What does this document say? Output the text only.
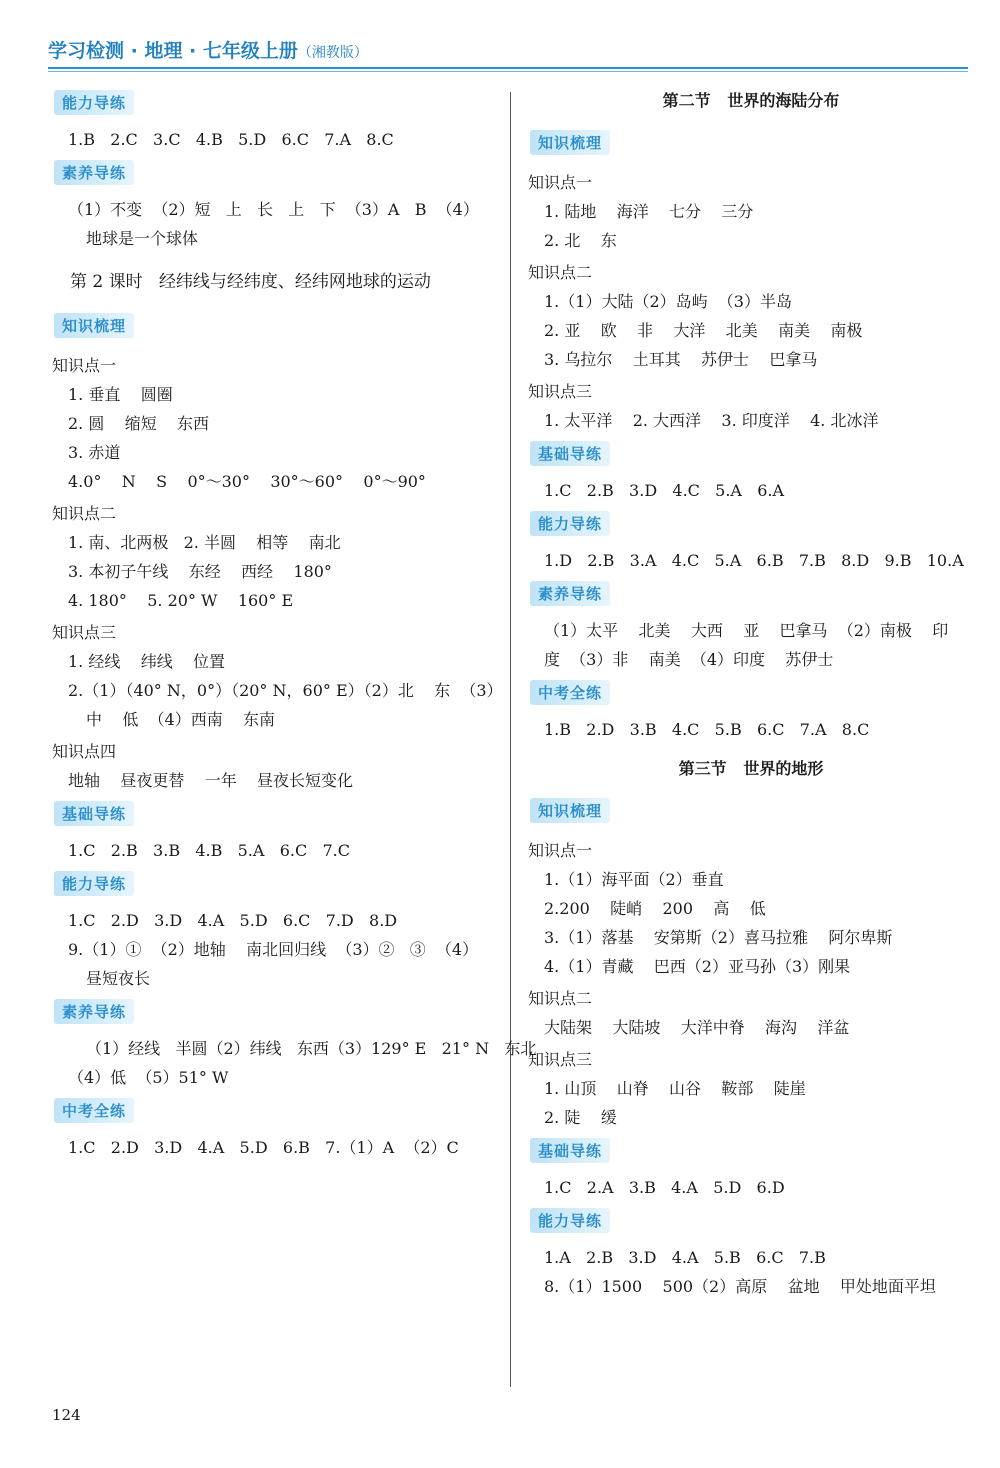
学习检测 · 地理 · 七年级上册（湘教版）
能力导练
1.B   2.C   3.C   4.B   5.D   6.C   7.A   8.C
素养导练
（1）不变  （2）短   上   长   上   下  （3）A   B  （4）
地球是一个球体
第 2 课时   经纬线与经纬度、经纬网地球的运动
知识梳理
知识点一
1. 垂直    圆圈
2. 圆    缩短    东西
3. 赤道
4.0°    N    S    0°～30°    30°～60°    0°～90°
知识点二
1. 南、北两极   2. 半圆    相等    南北
3. 本初子午线    东经    西经    180°
4. 180°    5. 20° W    160° E
知识点三
1. 经线    纬线    位置
2.（1）（40° N，0°）（20° N，60° E）（2）北    东  （3）
中    低  （4）西南    东南
知识点四
地轴    昼夜更替    一年    昼夜长短变化
基础导练
1.C   2.B   3.B   4.B   5.A   6.C   7.C
能力导练
1.C   2.D   3.D   4.A   5.D   6.C   7.D   8.D
9.（1）①  （2）地轴    南北回归线  （3）②   ③  （4）
昼短夜长
素养导练
（1）经线   半圆（2）纬线   东西（3）129° E   21° N   东北
（4）低  （5）51° W
中考全练
1.C   2.D   3.D   4.A   5.D   6.B   7.（1）A  （2）C
第二节   世界的海陆分布
知识梳理
知识点一
1. 陆地    海洋    七分    三分
2. 北    东
知识点二
1.（1）大陆（2）岛屿  （3）半岛
2. 亚    欧    非    大洋    北美    南美    南极
3. 乌拉尔    土耳其    苏伊士    巴拿马
知识点三
1. 太平洋    2. 大西洋    3. 印度洋    4. 北冰洋
基础导练
1.C   2.B   3.D   4.C   5.A   6.A
能力导练
1.D   2.B   3.A   4.C   5.A   6.B   7.B   8.D   9.B   10.A
素养导练
（1）太平    北美    大西    亚    巴拿马  （2）南极    印
度  （3）非    南美  （4）印度    苏伊士
中考全练
1.B   2.D   3.B   4.C   5.B   6.C   7.A   8.C
第三节   世界的地形
知识梳理
知识点一
1.（1）海平面（2）垂直
2.200    陡峭    200    高    低
3.（1）落基    安第斯（2）喜马拉雅    阿尔卑斯
4.（1）青藏    巴西（2）亚马孙（3）刚果
知识点二
大陆架    大陆坡    大洋中脊    海沟    洋盆
知识点三
1. 山顶    山脊    山谷    鞍部    陡崖
2. 陡    缓
基础导练
1.C   2.A   3.B   4.A   5.D   6.D
能力导练
1.A   2.B   3.D   4.A   5.B   6.C   7.B
8.（1）1500    500（2）高原    盆地    甲处地面平坦
124
